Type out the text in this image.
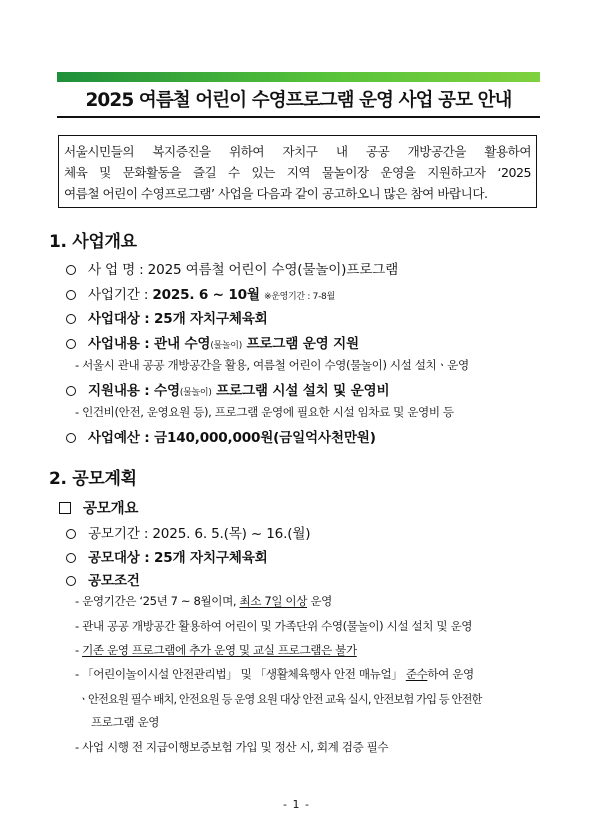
2025 여름철 어린이 수영프로그램 운영 사업 공모 안내
서울시민들의 복지증진을 위하여 자치구 내 공공 개방공간을 활용하여
체육 및 문화활동을 즐길 수 있는 지역 물놀이장 운영을 지원하고자 ‘2025
여름철 어린이 수영프로그램’ 사업을 다음과 같이 공고하오니 많은 참여 바랍니다.
1. 사업개요
사 업 명 : 2025 여름철 어린이 수영(물놀이)프로그램
사업기간 : 2025. 6 ~ 10월 ※운영기간 : 7-8월
사업대상 : 25개 자치구체육회
사업내용 : 관내 수영(물놀이) 프로그램 운영 지원
- 서울시 관내 공공 개방공간을 활용, 여름철 어린이 수영(물놀이) 시설 설치ㆍ운영
지원내용 : 수영(물놀이) 프로그램 시설 설치 및 운영비
- 인건비(안전, 운영요원 등), 프로그램 운영에 필요한 시설 임차료 및 운영비 등
사업예산 : 금140,000,000원(금일억사천만원)
2. 공모계획
공모개요
공모기간 : 2025. 6. 5.(목) ~ 16.(월)
공모대상 : 25개 자치구체육회
공모조건
- 운영기간은 ‘25년 7 ~ 8월이며, 최소 7일 이상 운영
- 관내 공공 개방공간 활용하여 어린이 및 가족단위 수영(물놀이) 시설 설치 및 운영
- 기존 운영 프로그램에 추가 운영 및 교실 프로그램은 불가
- 「어린이놀이시설 안전관리법」 및 「생활체육행사 안전 매뉴얼」 준수하여 운영
ㆍ안전요원 필수 배치, 안전요원 등 운영 요원 대상 안전 교육 실시, 안전보험 가입 등 안전한
프로그램 운영
- 사업 시행 전 지급이행보증보험 가입 및 정산 시, 회계 검증 필수
- 1 -
